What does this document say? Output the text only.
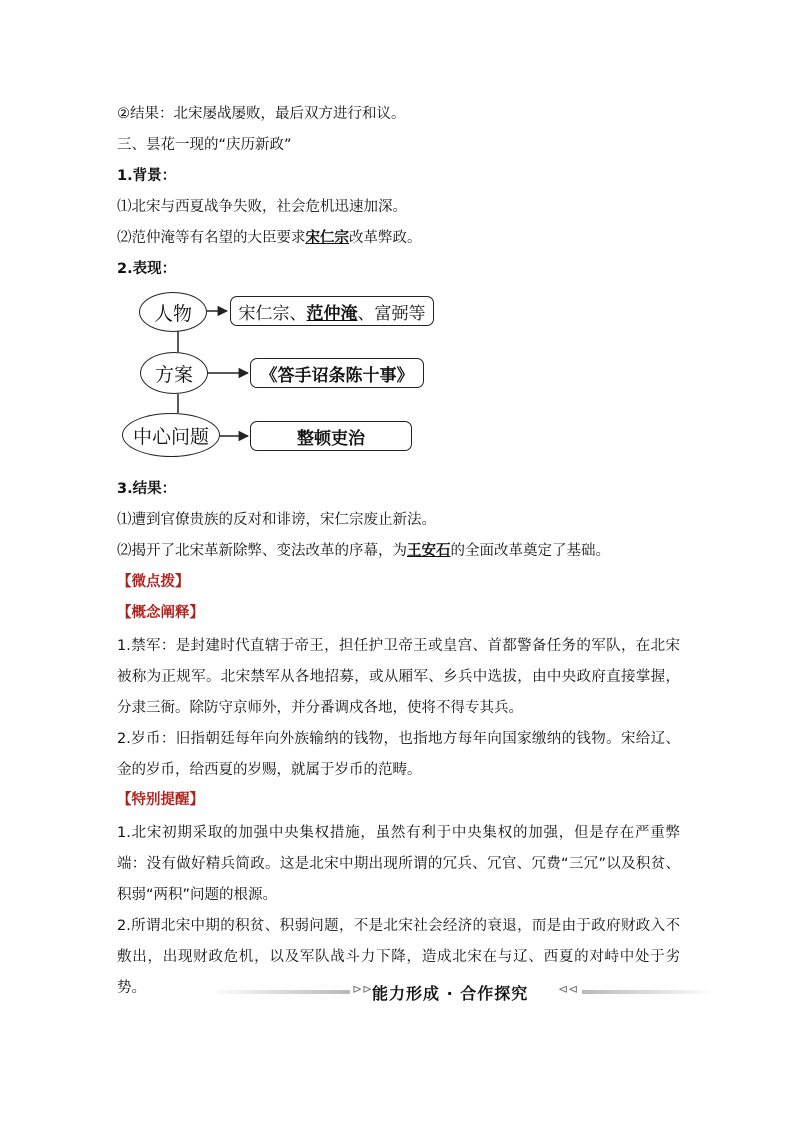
②结果：北宋屡战屡败，最后双方进行和议。
三、昙花一现的“庆历新政”
1.背景：
⑴北宋与西夏战争失败，社会危机迅速加深。
⑵范仲淹等有名望的大臣要求宋仁宗改革弊政。
2.表现：
人物
方案
中心问题
宋仁宗、 范仲淹 、富弼等
《答手诏条陈十事》
整顿吏治
3.结果：
⑴遭到官僚贵族的反对和诽谤，宋仁宗废止新法。
⑵揭开了北宋革新除弊、变法改革的序幕，为王安石的全面改革奠定了基础。
【微点拨】
【概念阐释】
1.禁军：是封建时代直辖于帝王，担任护卫帝王或皇宫、首都警备任务的军队，在北宋被称为正规军。北宋禁军从各地招募，或从厢军、乡兵中选拔，由中央政府直接掌握，分隶三衙。除防守京师外，并分番调戍各地，使将不得专其兵。
2.岁币：旧指朝廷每年向外族输纳的钱物，也指地方每年向国家缴纳的钱物。宋给辽、金的岁币，给西夏的岁赐，就属于岁币的范畴。
【特别提醒】
1.北宋初期采取的加强中央集权措施，虽然有利于中央集权的加强，但是存在严重弊端：没有做好精兵简政。这是北宋中期出现所谓的冗兵、冗官、冗费“三冗”以及积贫、积弱“两积”问题的根源。
2.所谓北宋中期的积贫、积弱问题，不是北宋社会经济的衰退，而是由于政府财政入不敷出，出现财政危机，以及军队战斗力下降，造成北宋在与辽、西夏的对峙中处于劣势。	⊳⊳ 能力形成 · 合作探究 ⊲⊲
